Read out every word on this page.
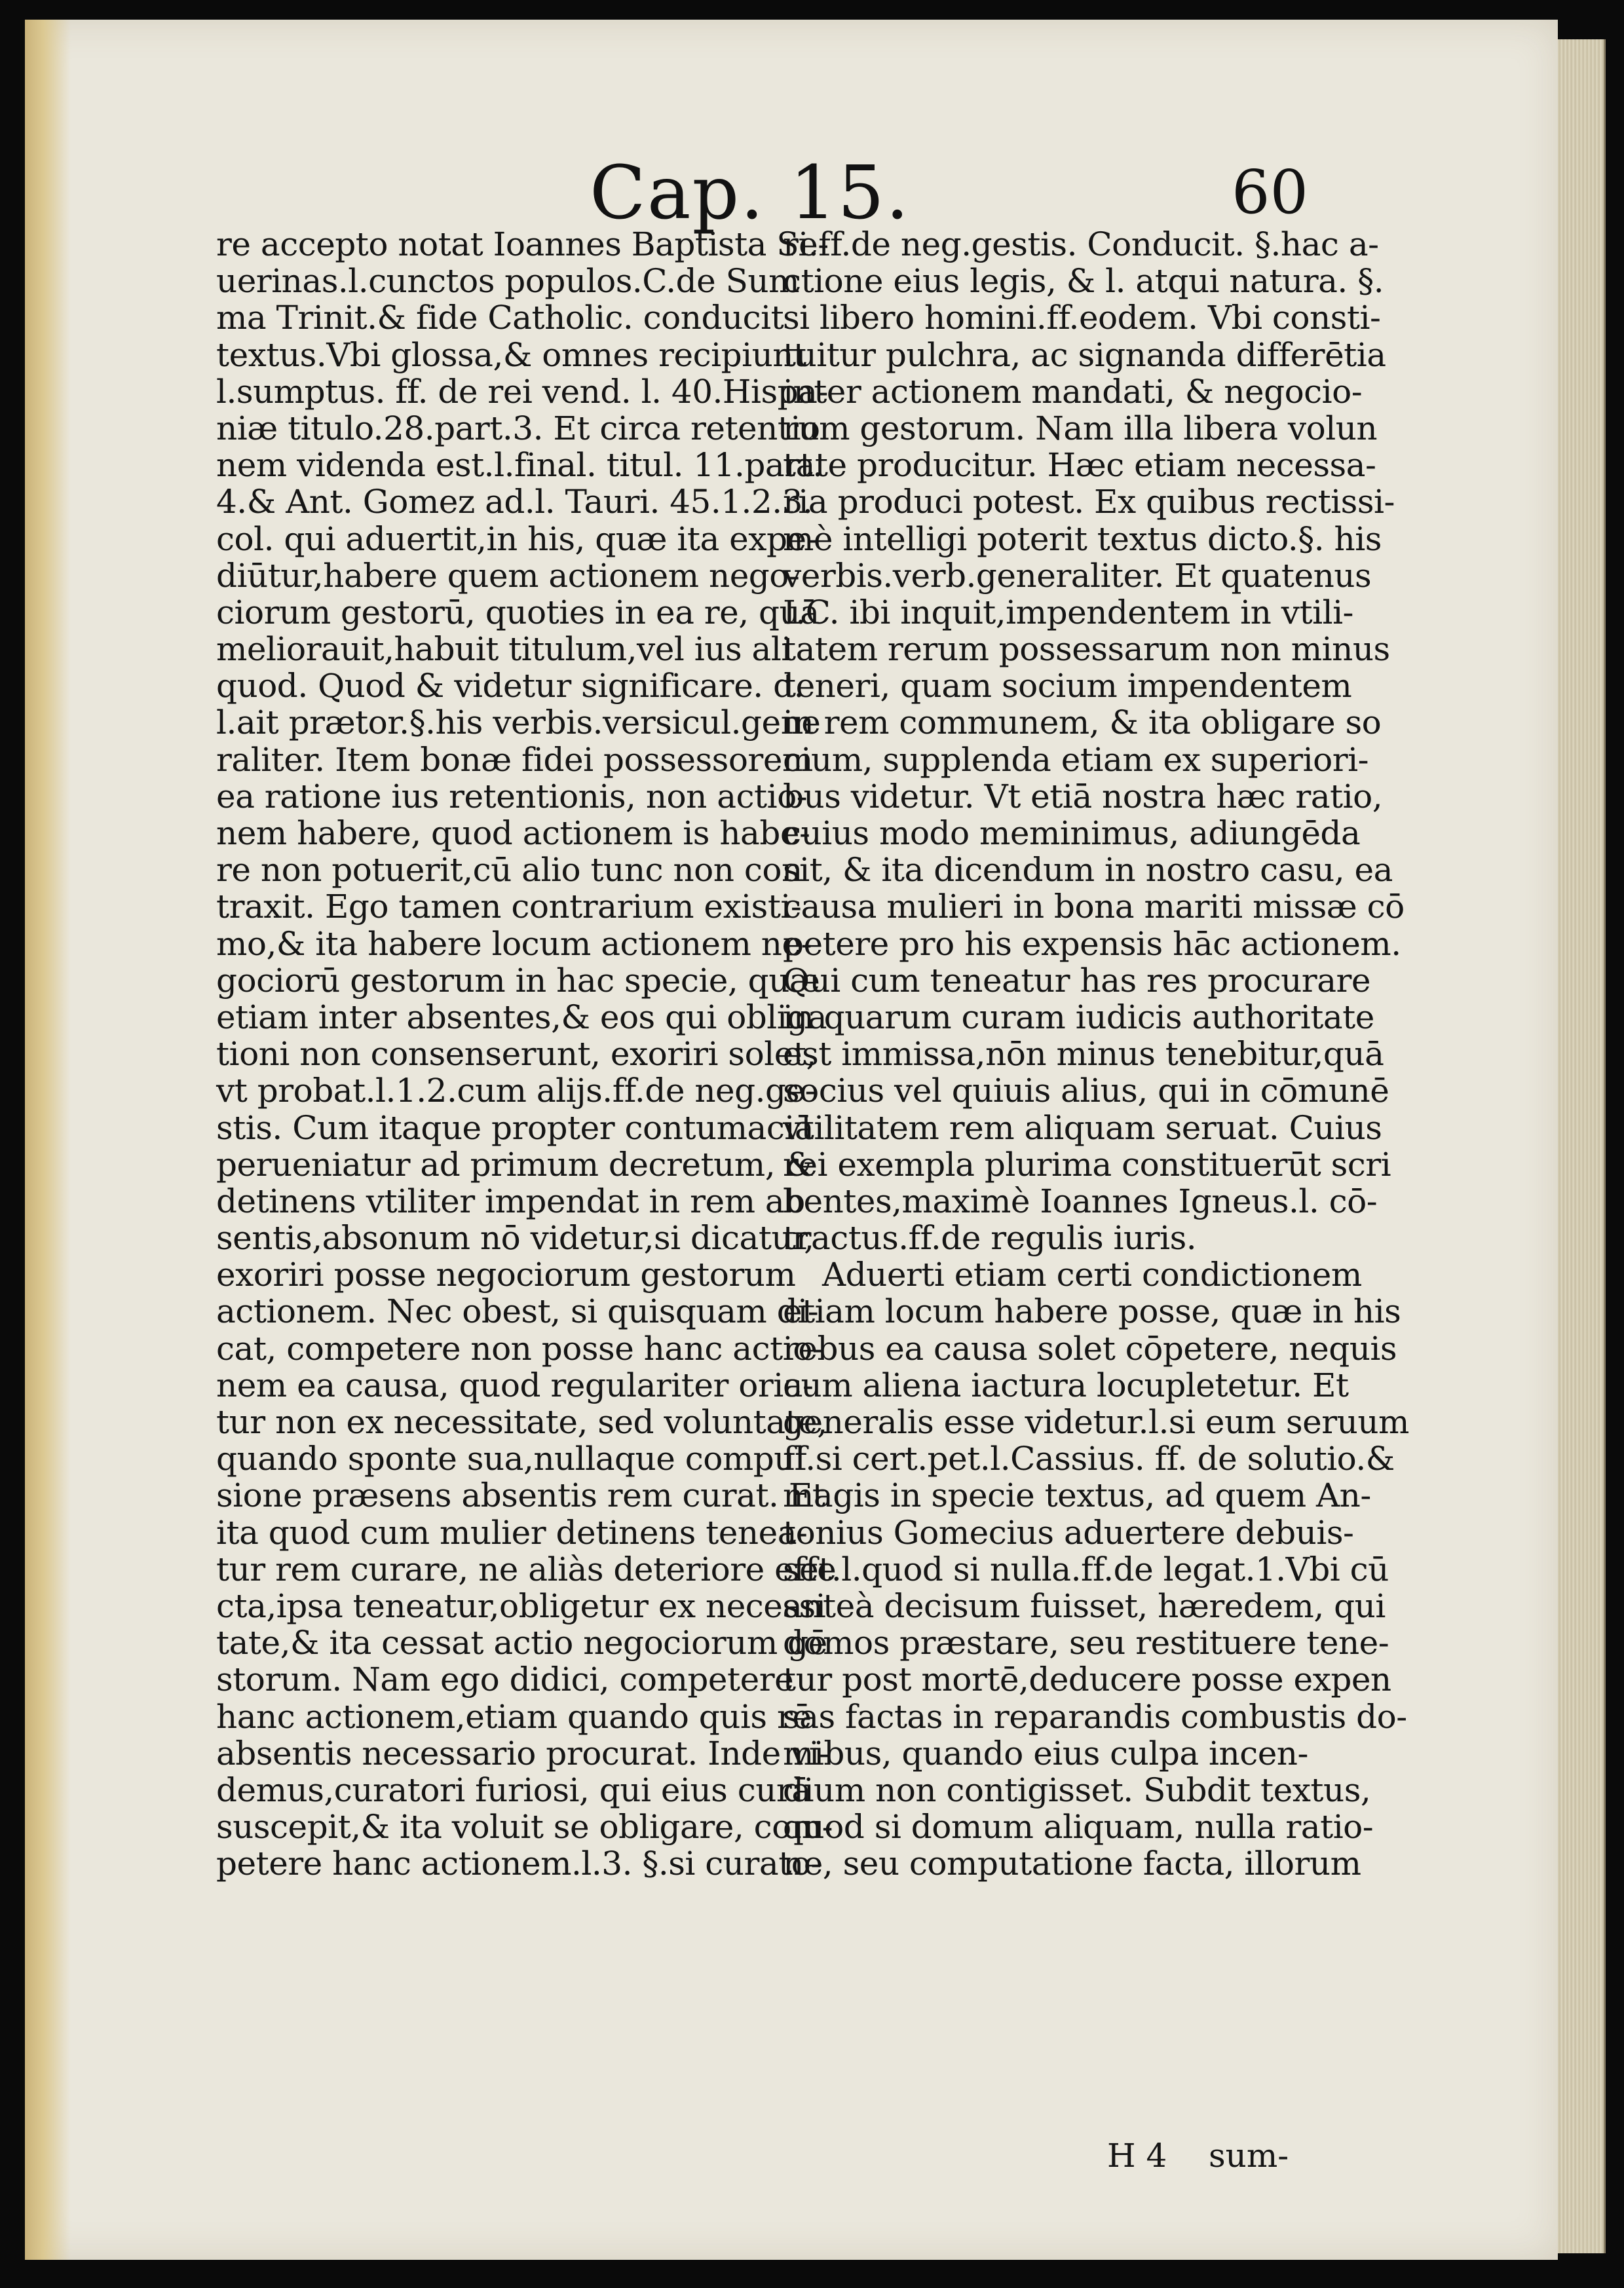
Cap. 15.	60
re accepto notat Ioannes Baptista Se-
uerinas.l.cunctos populos.C.de Sum
ma Trinit.& fide Catholic. conducit
textus.Vbi glossa,& omnes recipiunt
l.sumptus. ff. de rei vend. l. 40.Hispa-
niæ titulo.28.part.3. Et circa retentio
nem videnda est.l.final. titul. 11.part.
4.& Ant. Gomez ad.l. Tauri. 45.1.2.3.
col. qui aduertit,in his, quæ ita expe-
diūtur,habere quem actionem nego-
ciorum gestorū, quoties in ea re, quā
meliorauit,habuit titulum,vel ius ali
quod. Quod & videtur significare. d.
l.ait prætor.§.his verbis.versicul.gene
raliter. Item bonæ fidei possessorem
ea ratione ius retentionis, non actio-
nem habere, quod actionem is habe-
re non potuerit,cū alio tunc non con
traxit. Ego tamen contrarium existi-
mo,& ita habere locum actionem ne-
gociorū gestorum in hac specie, quæ
etiam inter absentes,& eos qui obliga
tioni non consenserunt, exoriri solet,
vt probat.l.1.2.cum alijs.ff.de neg.ge-
stis. Cum itaque propter contumaciā
perueniatur ad primum decretum, &
detinens vtiliter impendat in rem ab
sentis,absonum nō videtur,si dicatur,
exoriri posse negociorum gestorum
actionem. Nec obest, si quisquam di-
cat, competere non posse hanc actio-
nem ea causa, quod regulariter oria-
tur non ex necessitate, sed voluntate,
quando sponte sua,nullaque compul
sione præsens absentis rem curat. Et
ita quod cum mulier detinens tenea-
tur rem curare, ne aliàs deteriore effe
cta,ipsa teneatur,obligetur ex necessi
tate,& ita cessat actio negociorum gē
storum. Nam ego didici, competere
hanc actionem,etiam quando quis rē
absentis necessario procurat. Inde vi-
demus,curatori furiosi, qui eius curā
suscepit,& ita voluit se obligare, com-
petere hanc actionem.l.3. §.si curato-
ri.ff.de neg.gestis. Conducit. §.hac a-
ctione eius legis, & l. atqui natura. §.
si libero homini.ff.eodem. Vbi consti-
tuitur pulchra, ac signanda differētia
inter actionem mandati, & negocio-
rum gestorum. Nam illa libera volun
tate producitur. Hæc etiam necessa-
ria produci potest. Ex quibus rectissi-
mè intelligi poterit textus dicto.§. his
verbis.verb.generaliter. Et quatenus
I.C. ibi inquit,impendentem in vtili-
tatem rerum possessarum non minus
teneri, quam socium impendentem
in rem communem, & ita obligare so
cium, supplenda etiam ex superiori-
bus videtur. Vt etiā nostra hæc ratio,
cuius modo meminimus, adiungēda
sit, & ita dicendum in nostro casu, ea
causa mulieri in bona mariti missæ cō
petere pro his expensis hāc actionem.
Qui cum teneatur has res procurare
in quarum curam iudicis authoritate
est immissa,nōn minus tenebitur,quā
socius vel quiuis alius, qui in cōmunē
vtilitatem rem aliquam seruat. Cuius
rei exempla plurima constituerūt scri
bentes,maximè Ioannes Igneus.l. cō-
tractus.ff.de regulis iuris.
Aduerti etiam certi condictionem
etiam locum habere posse, quæ in his
rebus ea causa solet cōpetere, nequis
cum aliena iactura locupletetur. Et
generalis esse videtur.l.si eum seruum
ff.si cert.pet.l.Cassius. ff. de solutio.&
magis in specie textus, ad quem An-
tonius Gomecius aduertere debuis-
set.l.quod si nulla.ff.de legat.1.Vbi cū
anteà decisum fuisset, hæredem, qui
domos præstare, seu restituere tene-
tur post mortē,deducere posse expen
sas factas in reparandis combustis do-
mibus, quando eius culpa incen-
dium non contigisset. Subdit textus,
quod si domum aliquam, nulla ratio-
ne, seu computatione facta, illorum
H 4 sum-
